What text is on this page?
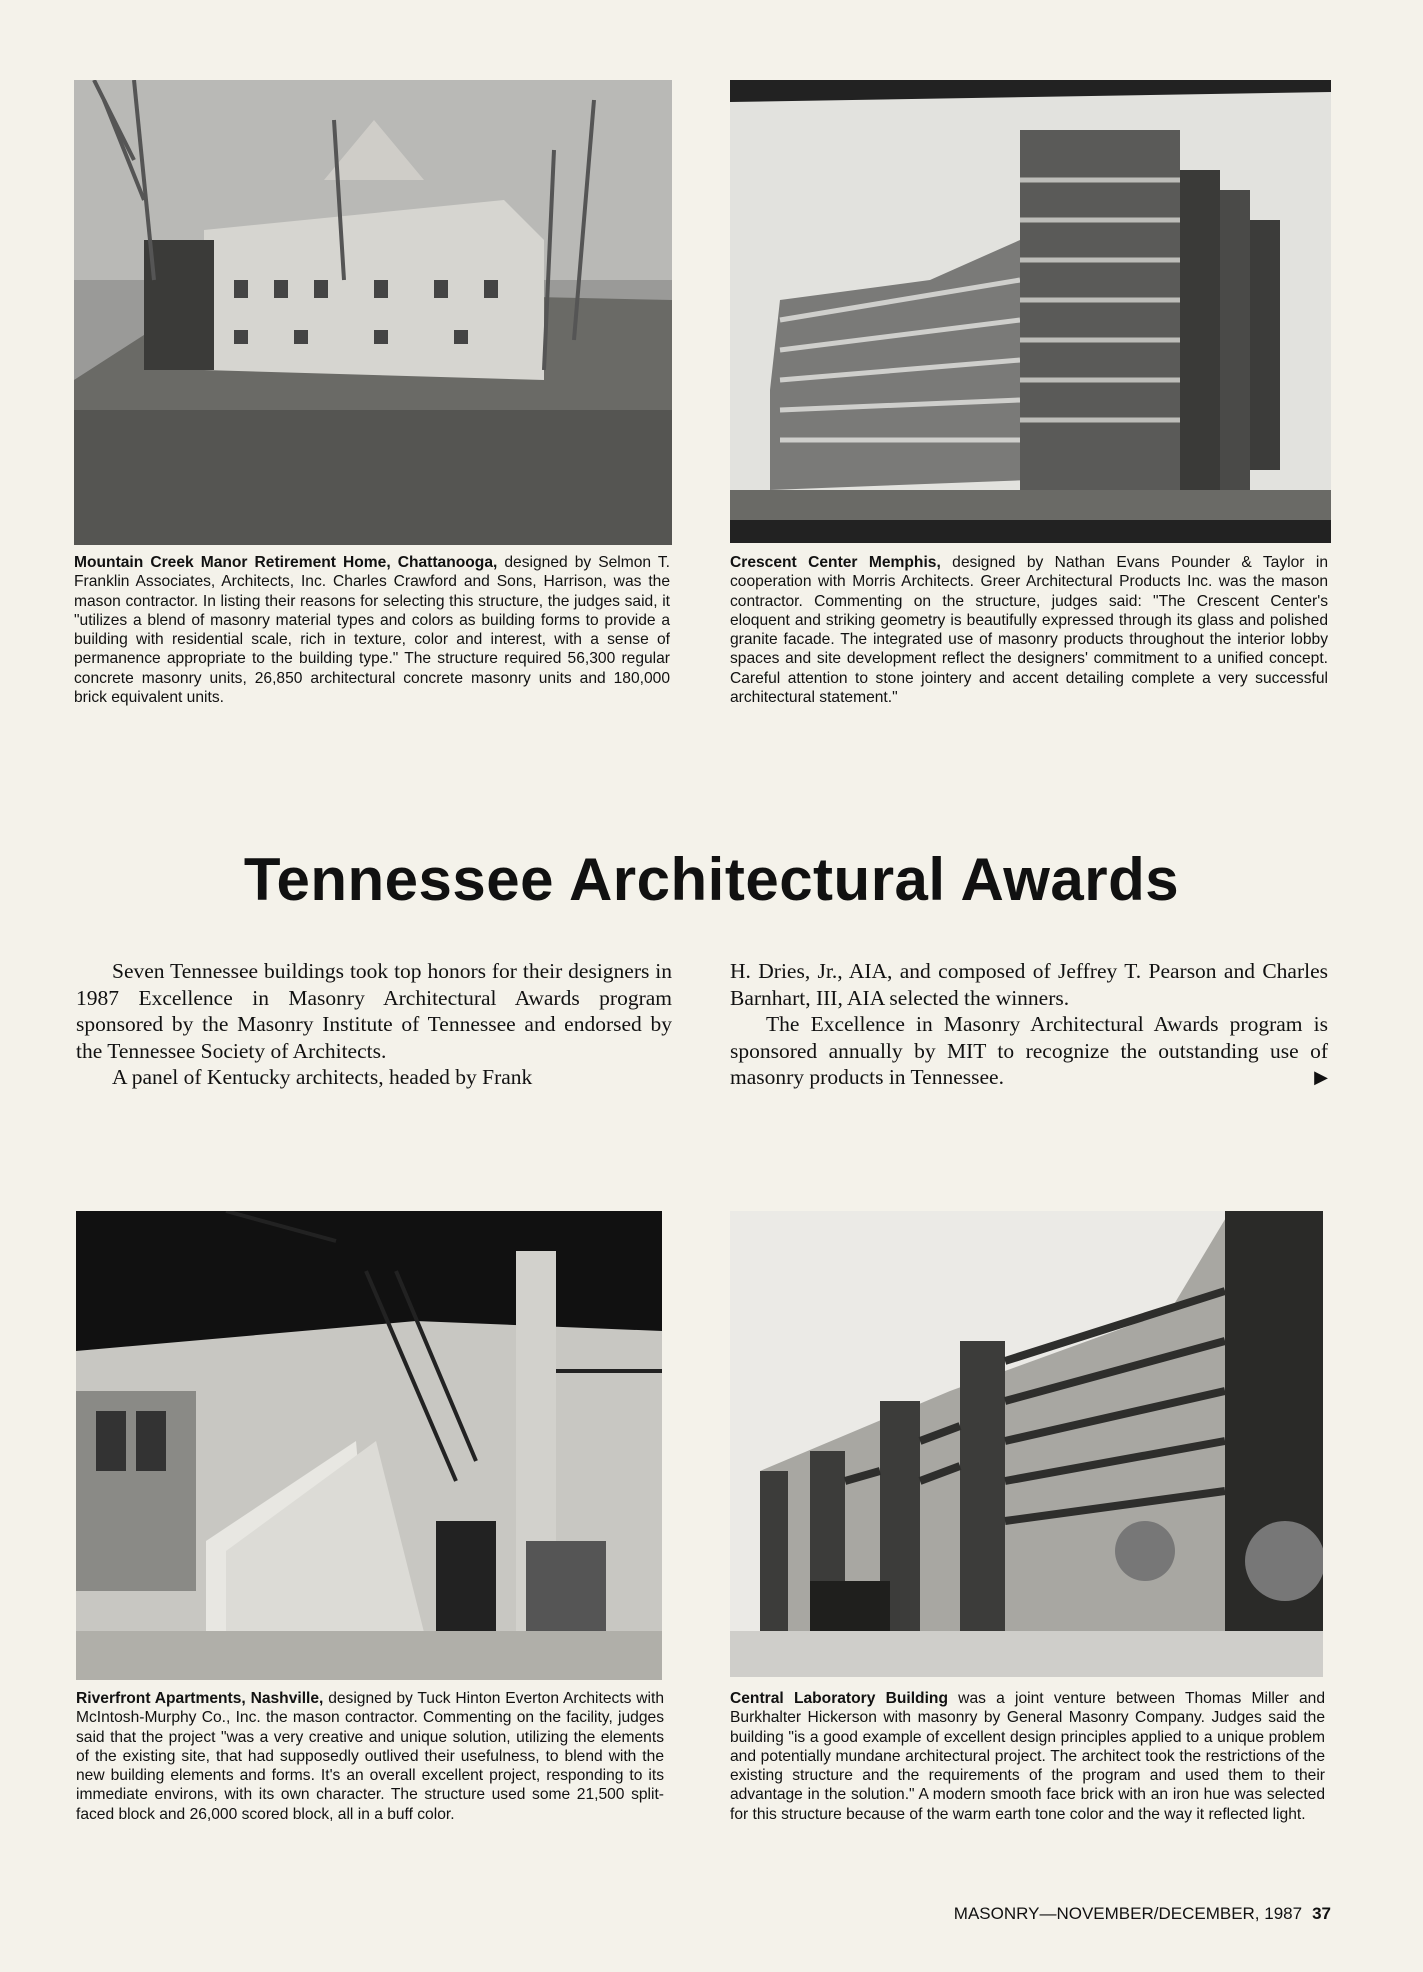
Mountain Creek Manor Retirement Home, Chattanooga, designed by Selmon T. Franklin Associates, Architects, Inc. Charles Crawford and Sons, Harrison, was the mason contractor. In listing their reasons for selecting this structure, the judges said, it "utilizes a blend of masonry material types and colors as building forms to provide a building with residential scale, rich in texture, color and interest, with a sense of permanence appropriate to the building type." The structure required 56,300 regular concrete masonry units, 26,850 architectural concrete masonry units and 180,000 brick equivalent units.

Crescent Center Memphis, designed by Nathan Evans Pounder & Taylor in cooperation with Morris Architects. Greer Architectural Products Inc. was the mason contractor. Commenting on the structure, judges said: "The Crescent Center's eloquent and striking geometry is beautifully expressed through its glass and polished granite facade. The integrated use of masonry products throughout the interior lobby spaces and site development reflect the designers' commitment to a unified concept. Careful attention to stone jointery and accent detailing complete a very successful architectural statement."

Tennessee Architectural Awards

Seven Tennessee buildings took top honors for their designers in 1987 Excellence in Masonry Architectural Awards program sponsored by the Masonry Institute of Tennessee and endorsed by the Tennessee Society of Architects.

A panel of Kentucky architects, headed by Frank

H. Dries, Jr., AIA, and composed of Jeffrey T. Pearson and Charles Barnhart, III, AIA selected the winners.

The Excellence in Masonry Architectural Awards program is sponsored annually by MIT to recognize the outstanding use of masonry products in Tennessee.	▶

Riverfront Apartments, Nashville, designed by Tuck Hinton Everton Architects with McIntosh-Murphy Co., Inc. the mason contractor. Commenting on the facility, judges said that the project "was a very creative and unique solution, utilizing the elements of the existing site, that had supposedly outlived their usefulness, to blend with the new building elements and forms. It's an overall excellent project, responding to its immediate environs, with its own character. The structure used some 21,500 split-faced block and 26,000 scored block, all in a buff color.

Central Laboratory Building was a joint venture between Thomas Miller and Burkhalter Hickerson with masonry by General Masonry Company. Judges said the building "is a good example of excellent design principles applied to a unique problem and potentially mundane architectural project. The architect took the restrictions of the existing structure and the requirements of the program and used them to their advantage in the solution." A modern smooth face brick with an iron hue was selected for this structure because of the warm earth tone color and the way it reflected light.

MASONRY—NOVEMBER/DECEMBER, 1987 37
